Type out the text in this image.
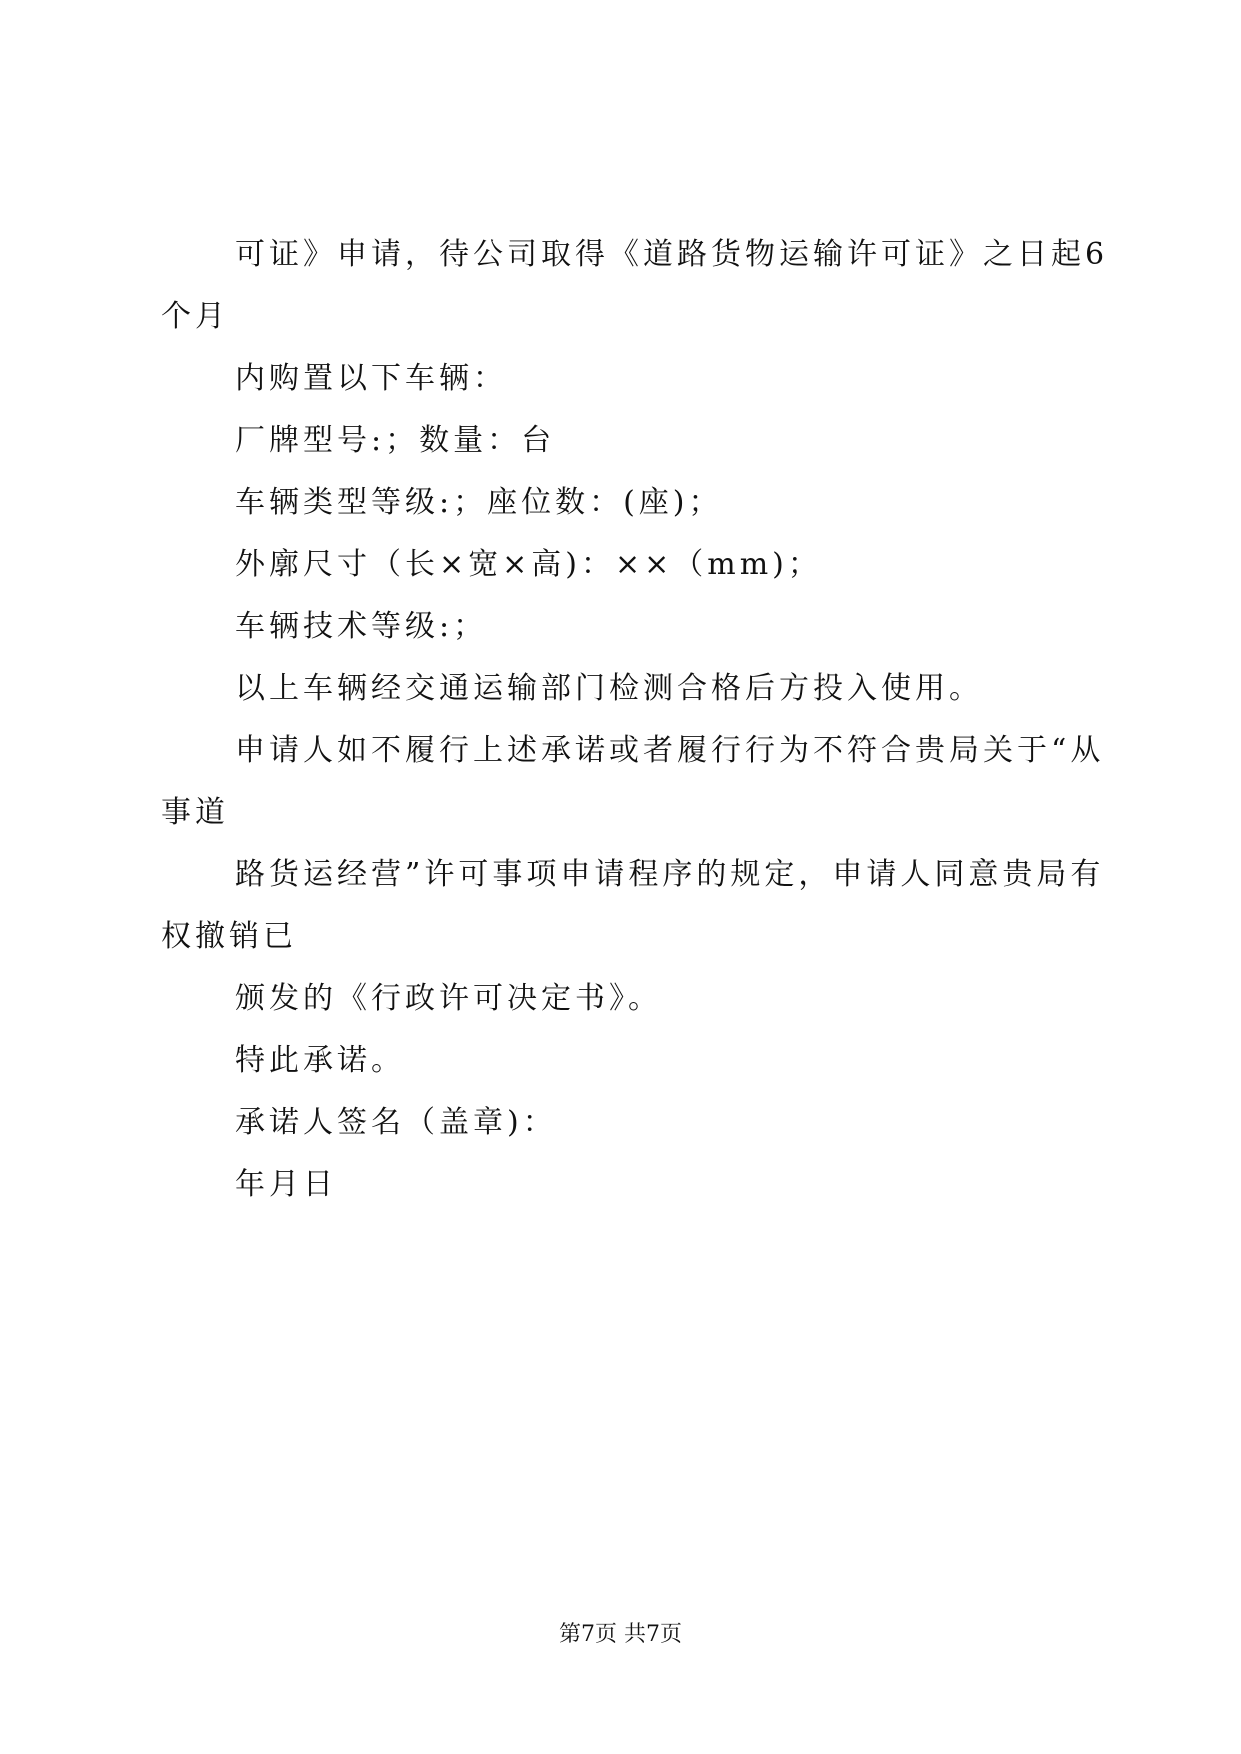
可证》申请，待公司取得《道路货物运输许可证》之日起6
个月
内购置以下车辆：
厂牌型号:；数量：台
车辆类型等级:；座位数：(座)；
外廓尺寸（长×宽×高)：××（mm)；
车辆技术等级:；
以上车辆经交通运输部门检测合格后方投入使用。
申请人如不履行上述承诺或者履行行为不符合贵局关于“从
事道
路货运经营”许可事项申请程序的规定，申请人同意贵局有
权撤销已
颁发的《行政许可决定书》。
特此承诺。
承诺人签名（盖章)：
年月日
第7页 共7页
